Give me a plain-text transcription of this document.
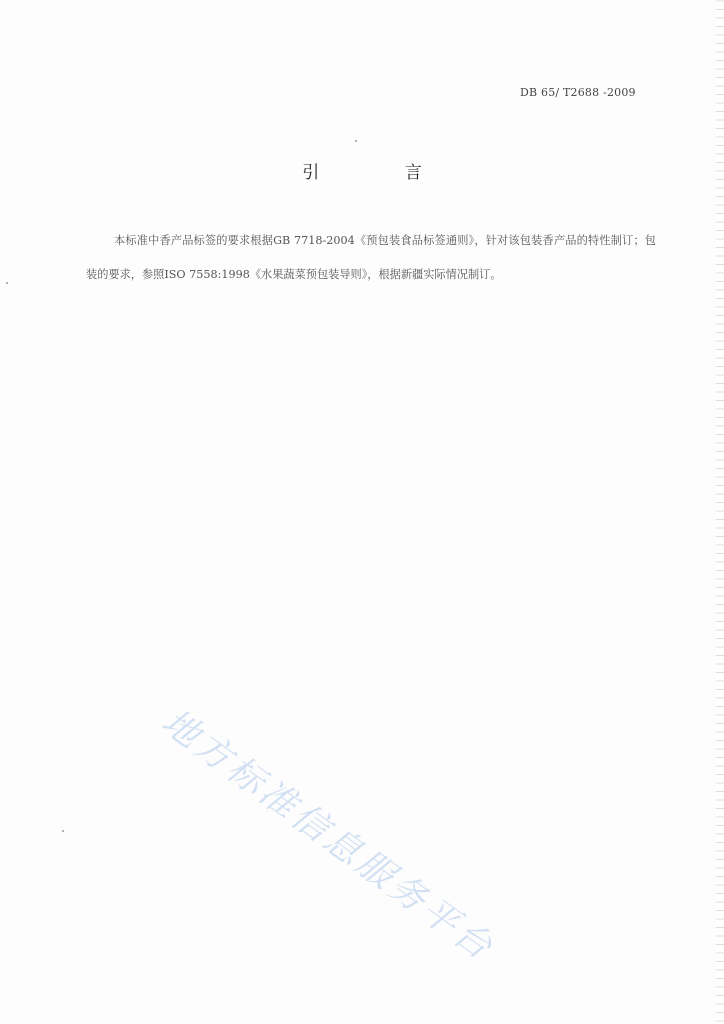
DB 65/ T2688 -2009
引 言

本标准中香产品标签的要求根据GB 7718-2004《预包装食品标签通则》，针对该包装香产品的特性制订；包装的要求，参照ISO 7558:1998《水果蔬菜预包装导则》，根据新疆实际情况制订。

地方标准信息服务平台
